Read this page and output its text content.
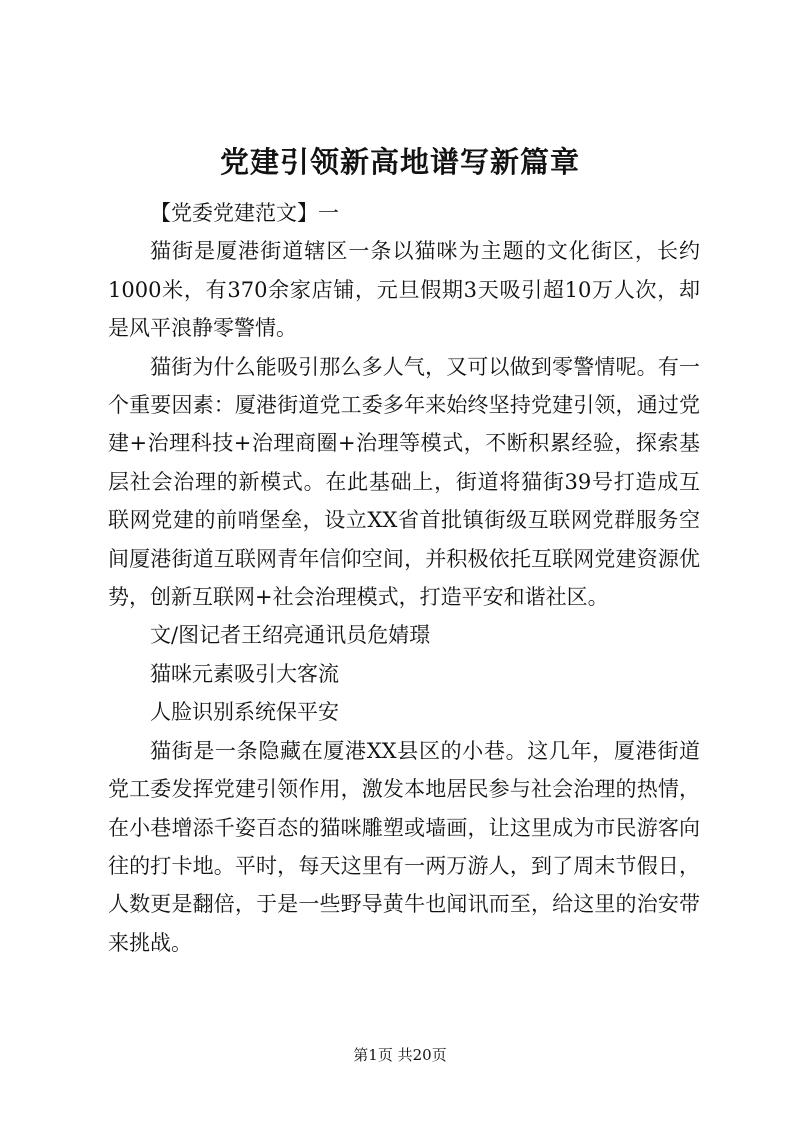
党建引领新高地谱写新篇章

【党委党建范文】一

猫街是厦港街道辖区一条以猫咪为主题的文化街区，长约1000米，有370余家店铺，元旦假期3天吸引超10万人次，却是风平浪静零警情。

猫街为什么能吸引那么多人气，又可以做到零警情呢。有一个重要因素：厦港街道党工委多年来始终坚持党建引领，通过党建+治理科技+治理商圈+治理等模式，不断积累经验，探索基层社会治理的新模式。在此基础上，街道将猫街39号打造成互联网党建的前哨堡垒，设立XX省首批镇街级互联网党群服务空间厦港街道互联网青年信仰空间，并积极依托互联网党建资源优势，创新互联网+社会治理模式，打造平安和谐社区。

文/图记者王绍亮通讯员危婧璟

猫咪元素吸引大客流

人脸识别系统保平安

猫街是一条隐藏在厦港XX县区的小巷。这几年，厦港街道党工委发挥党建引领作用，激发本地居民参与社会治理的热情，在小巷增添千姿百态的猫咪雕塑或墙画，让这里成为市民游客向往的打卡地。平时，每天这里有一两万游人，到了周末节假日，人数更是翻倍，于是一些野导黄牛也闻讯而至，给这里的治安带来挑战。

第1页 共20页
